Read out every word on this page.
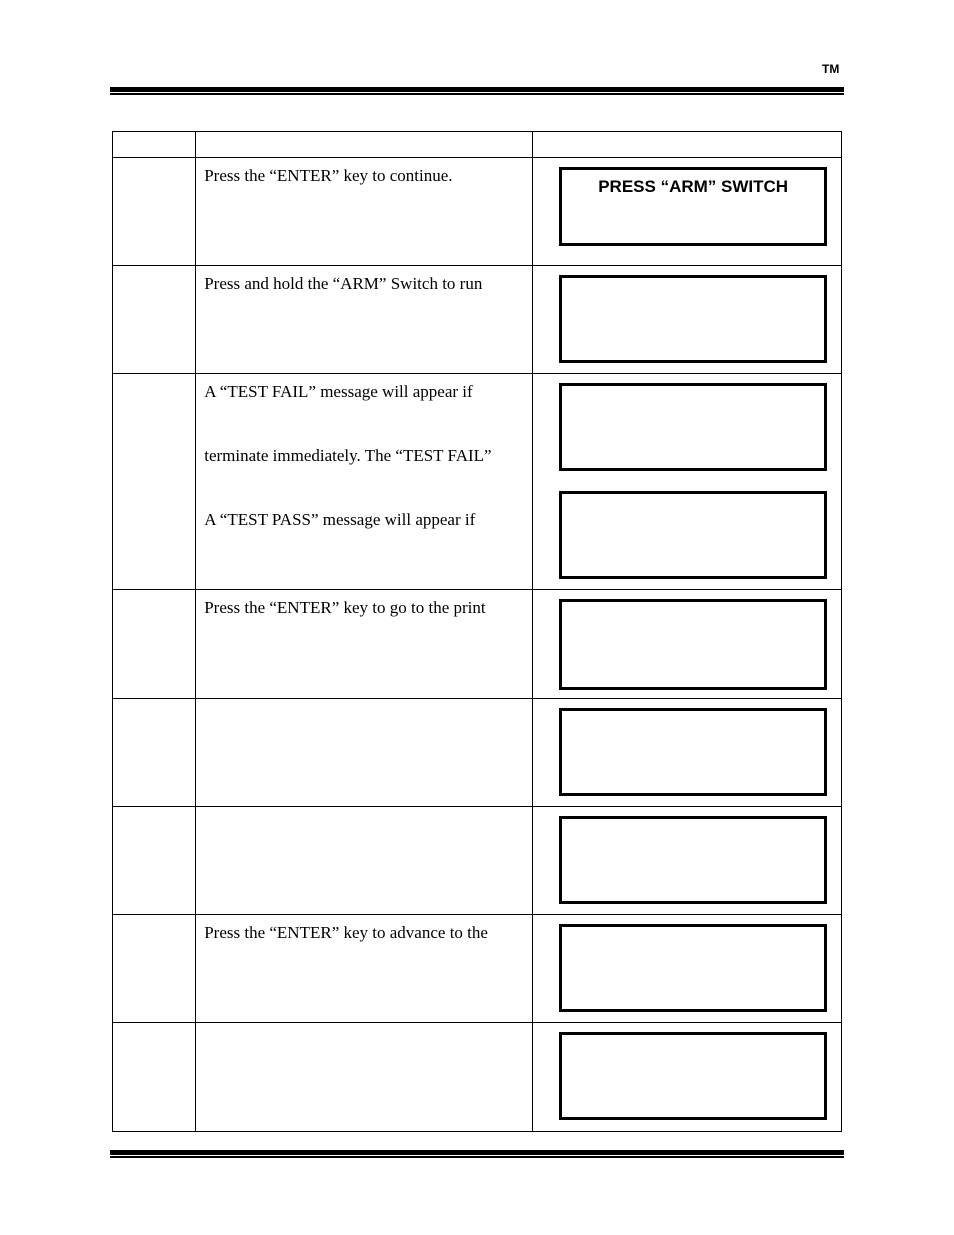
TM

	Press the “ENTER” key to continue.	PRESS “ARM” SWITCH

	Press and hold the “ARM” Switch to run	

	A “TEST FAIL” message will appear if

terminate immediately. The “TEST FAIL”

A “TEST PASS” message will appear if	

	Press the “ENTER” key to go to the print	

	Press the “ENTER” key to advance to the	
